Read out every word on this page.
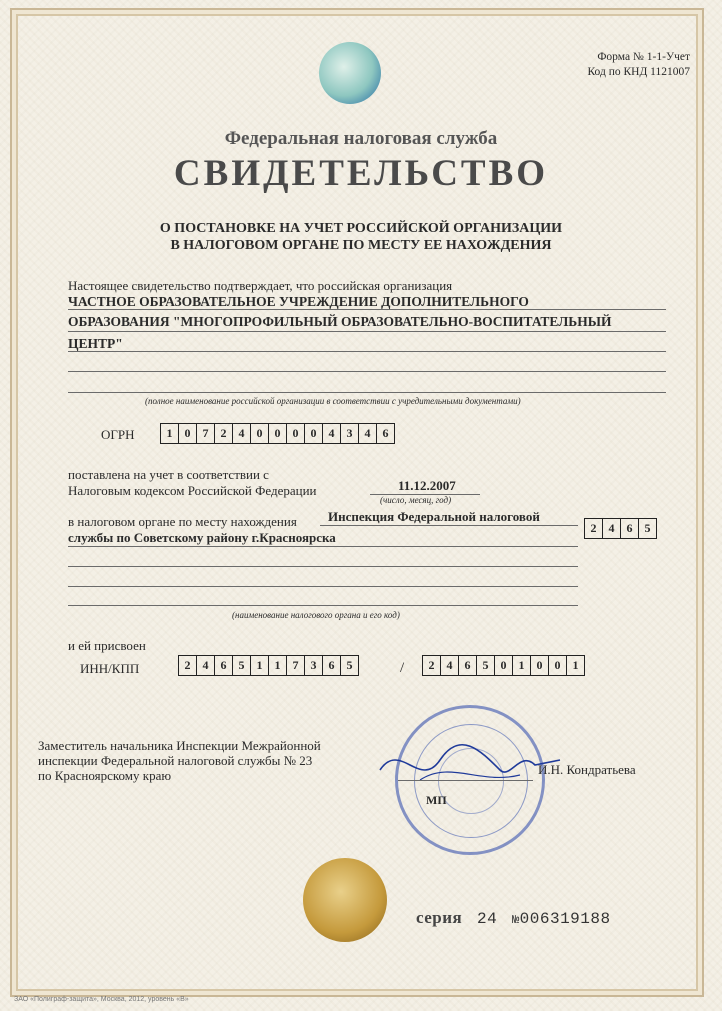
Форма № 1-1-Учет
Код по КНД 1121007
Федеральная налоговая служба
СВИДЕТЕЛЬСТВО
О ПОСТАНОВКЕ НА УЧЕТ РОССИЙСКОЙ ОРГАНИЗАЦИИ
В НАЛОГОВОМ ОРГАНЕ ПО МЕСТУ ЕЕ НАХОЖДЕНИЯ
Настоящее свидетельство подтверждает, что российская организация
ЧАСТНОЕ ОБРАЗОВАТЕЛЬНОЕ УЧРЕЖДЕНИЕ ДОПОЛНИТЕЛЬНОГО
ОБРАЗОВАНИЯ "МНОГОПРОФИЛЬНЫЙ ОБРАЗОВАТЕЛЬНО-ВОСПИТАТЕЛЬНЫЙ
ЦЕНТР"
(полное наименование российской организации в соответствии с учредительными документами)
ОГРН	1	0	7	2	4	0	0	0	0	4	3	4	6
поставлена на учет в соответствии с
Налоговым кодексом Российской Федерации	11.12.2007
(число, месяц, год)
в налоговом органе по месту нахождения Инспекция Федеральной налоговой
службы по Советскому району г.Красноярска
2	4	6	5
(наименование налогового органа и его код)
и ей присвоен
ИНН/КПП	2	4	6	5	1	1	7	3	6	5	/	2	4	6	5	0	1	0	0	1
Заместитель начальника Инспекции Межрайонной
инспекции Федеральной налоговой службы № 23
по Красноярскому краю	И.Н. Кондратьева
МП
серия 24 №006319188
ЗАО «Полиграф-защита», Москва, 2012, уровень «В»
